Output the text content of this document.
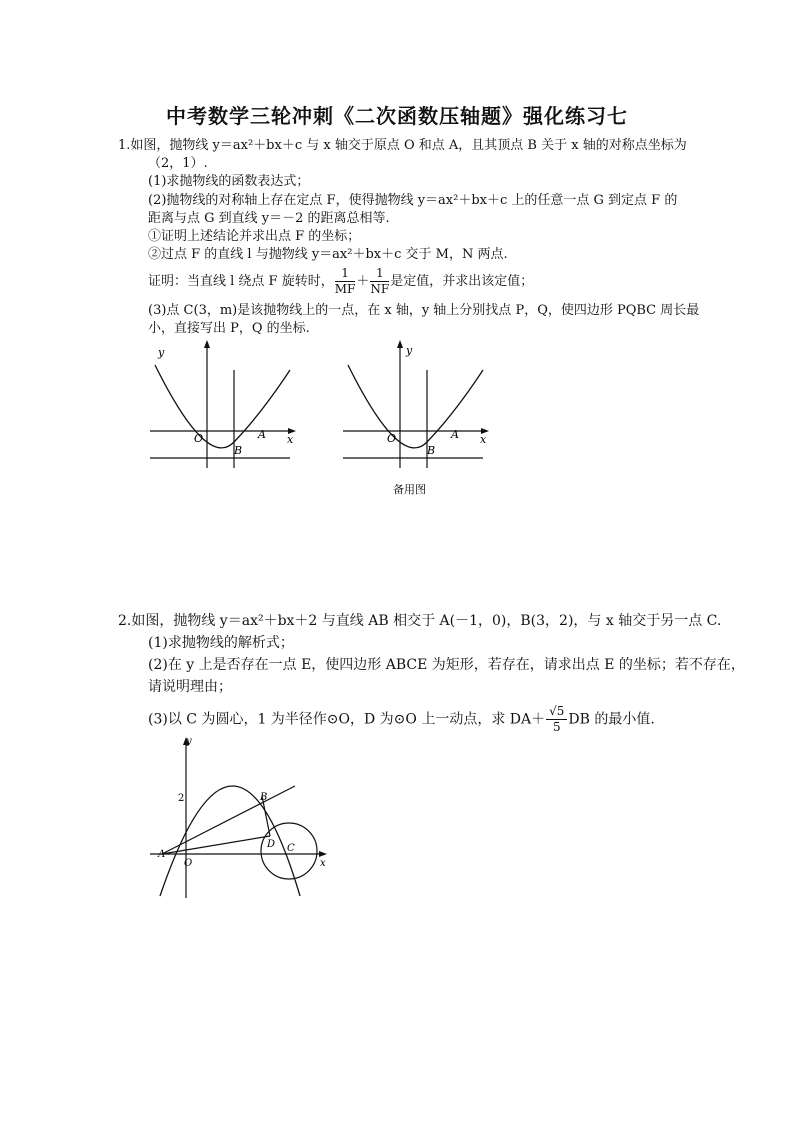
中考数学三轮冲刺《二次函数压轴题》强化练习七
1.如图，抛物线 y＝ax²＋bx＋c 与 x 轴交于原点 O 和点 A，且其顶点 B 关于 x 轴的对称点坐标为
（2，1）.
(1)求抛物线的函数表达式；
(2)抛物线的对称轴上存在定点 F，使得抛物线 y＝ax²＋bx＋c 上的任意一点 G 到定点 F 的
距离与点 G 到直线 y＝－2 的距离总相等.
①证明上述结论并求出点 F 的坐标；
②过点 F 的直线 l 与抛物线 y＝ax²＋bx＋c 交于 M，N 两点.
证明：当直线 l 绕点 F 旋转时， $\frac{1}{MF} + \frac{1}{NF}$ 是定值，并求出该定值；
(3)点 C(3，m)是该抛物线上的一点，在 x 轴，y 轴上分别找点 P，Q，使四边形 PQBC 周长最
小，直接写出 P，Q 的坐标.
y
x
O	A
B
y
x
O	A
B
备用图
2.如图，抛物线 y＝ax²＋bx＋2 与直线 AB 相交于 A(－1，0)，B(3，2)，与 x 轴交于另一点 C.
(1)求抛物线的解析式；
(2)在 y 上是否存在一点 E，使四边形 ABCE 为矩形，若存在，请求出点 E 的坐标；若不存在，
请说明理由；
(3)以 C 为圆心，1 为半径作⊙O，D 为⊙O 上一动点，求 $DA+ \frac{√5}{5}$ DB 的最小值.
y
x
2
A
O
B
D C
